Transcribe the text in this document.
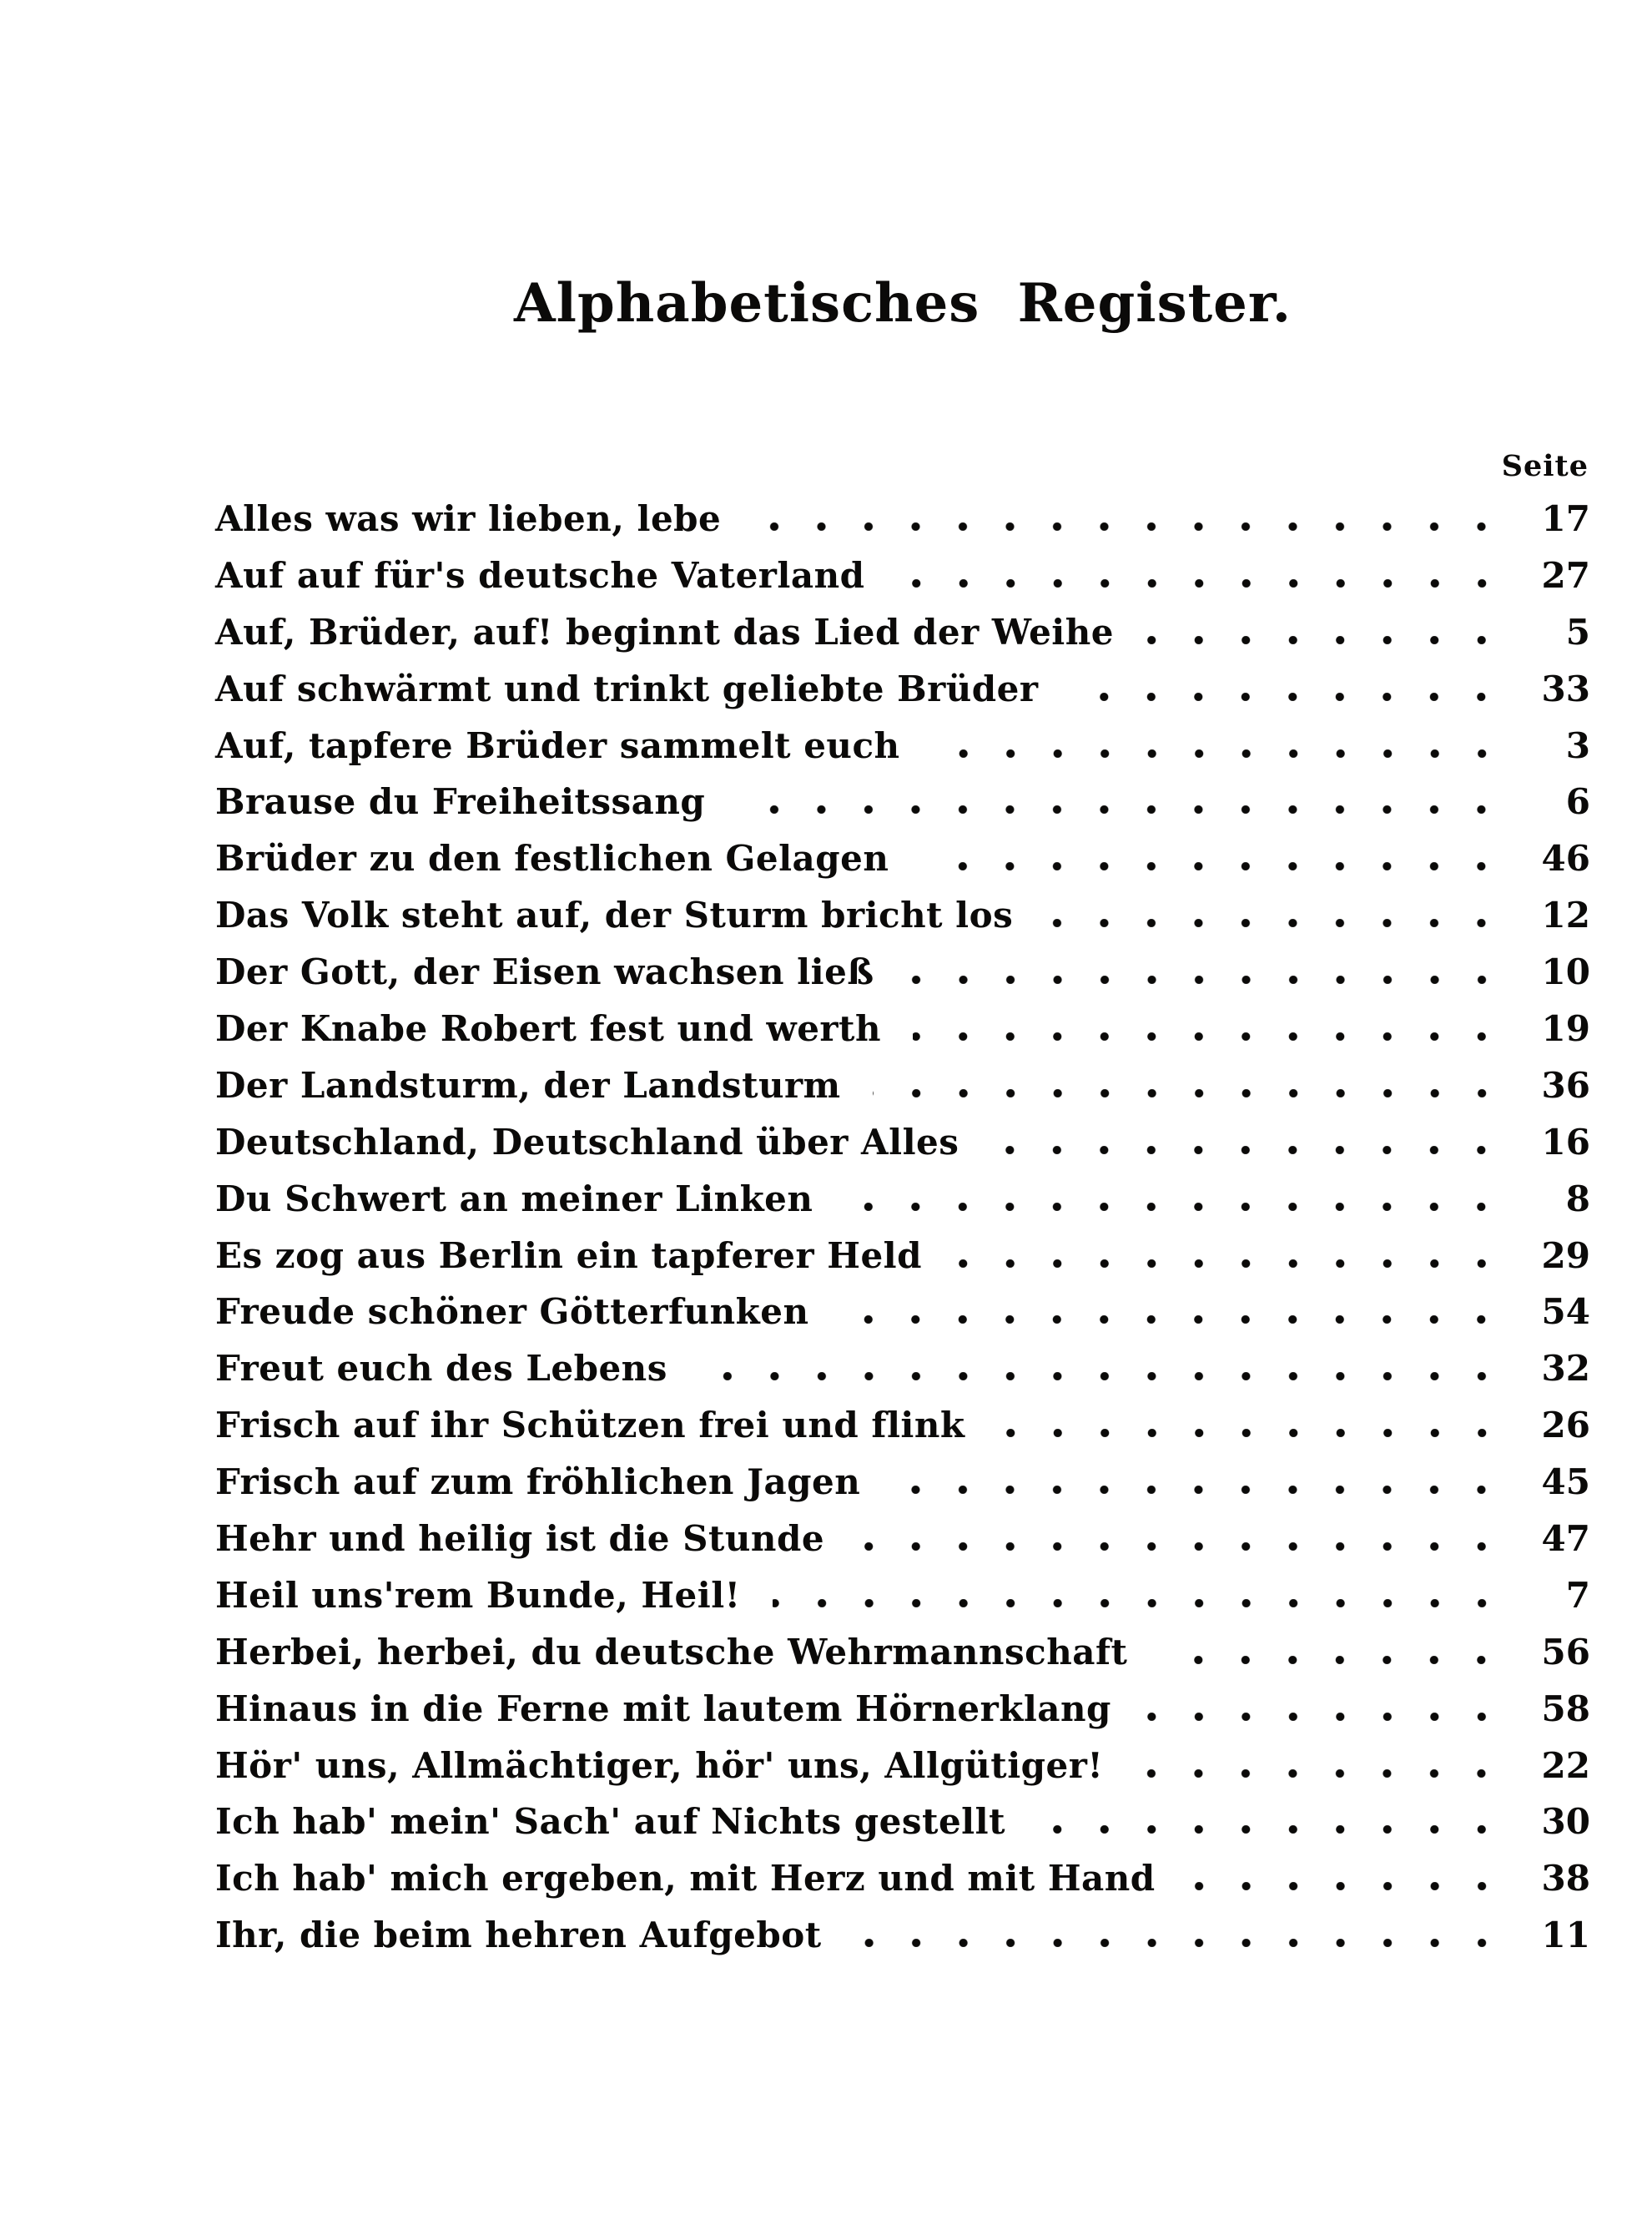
Alphabetisches Register.
Seite
Alles was wir lieben, lebe	17
Auf auf für's deutsche Vaterland	27
Auf, Brüder, auf! beginnt das Lied der Weihe	5
Auf schwärmt und trinkt geliebte Brüder	33
Auf, tapfere Brüder sammelt euch	3
Brause du Freiheitssang	6
Brüder zu den festlichen Gelagen	46
Das Volk steht auf, der Sturm bricht los	12
Der Gott, der Eisen wachsen ließ	10
Der Knabe Robert fest und werth	19
Der Landsturm, der Landsturm	36
Deutschland, Deutschland über Alles	16
Du Schwert an meiner Linken	8
Es zog aus Berlin ein tapferer Held	29
Freude schöner Götterfunken	54
Freut euch des Lebens	32
Frisch auf ihr Schützen frei und flink	26
Frisch auf zum fröhlichen Jagen	45
Hehr und heilig ist die Stunde	47
Heil uns'rem Bunde, Heil!	7
Herbei, herbei, du deutsche Wehrmannschaft	56
Hinaus in die Ferne mit lautem Hörnerklang	58
Hör' uns, Allmächtiger, hör' uns, Allgütiger!	22
Ich hab' mein' Sach' auf Nichts gestellt	30
Ich hab' mich ergeben, mit Herz und mit Hand	38
Ihr, die beim hehren Aufgebot	11
